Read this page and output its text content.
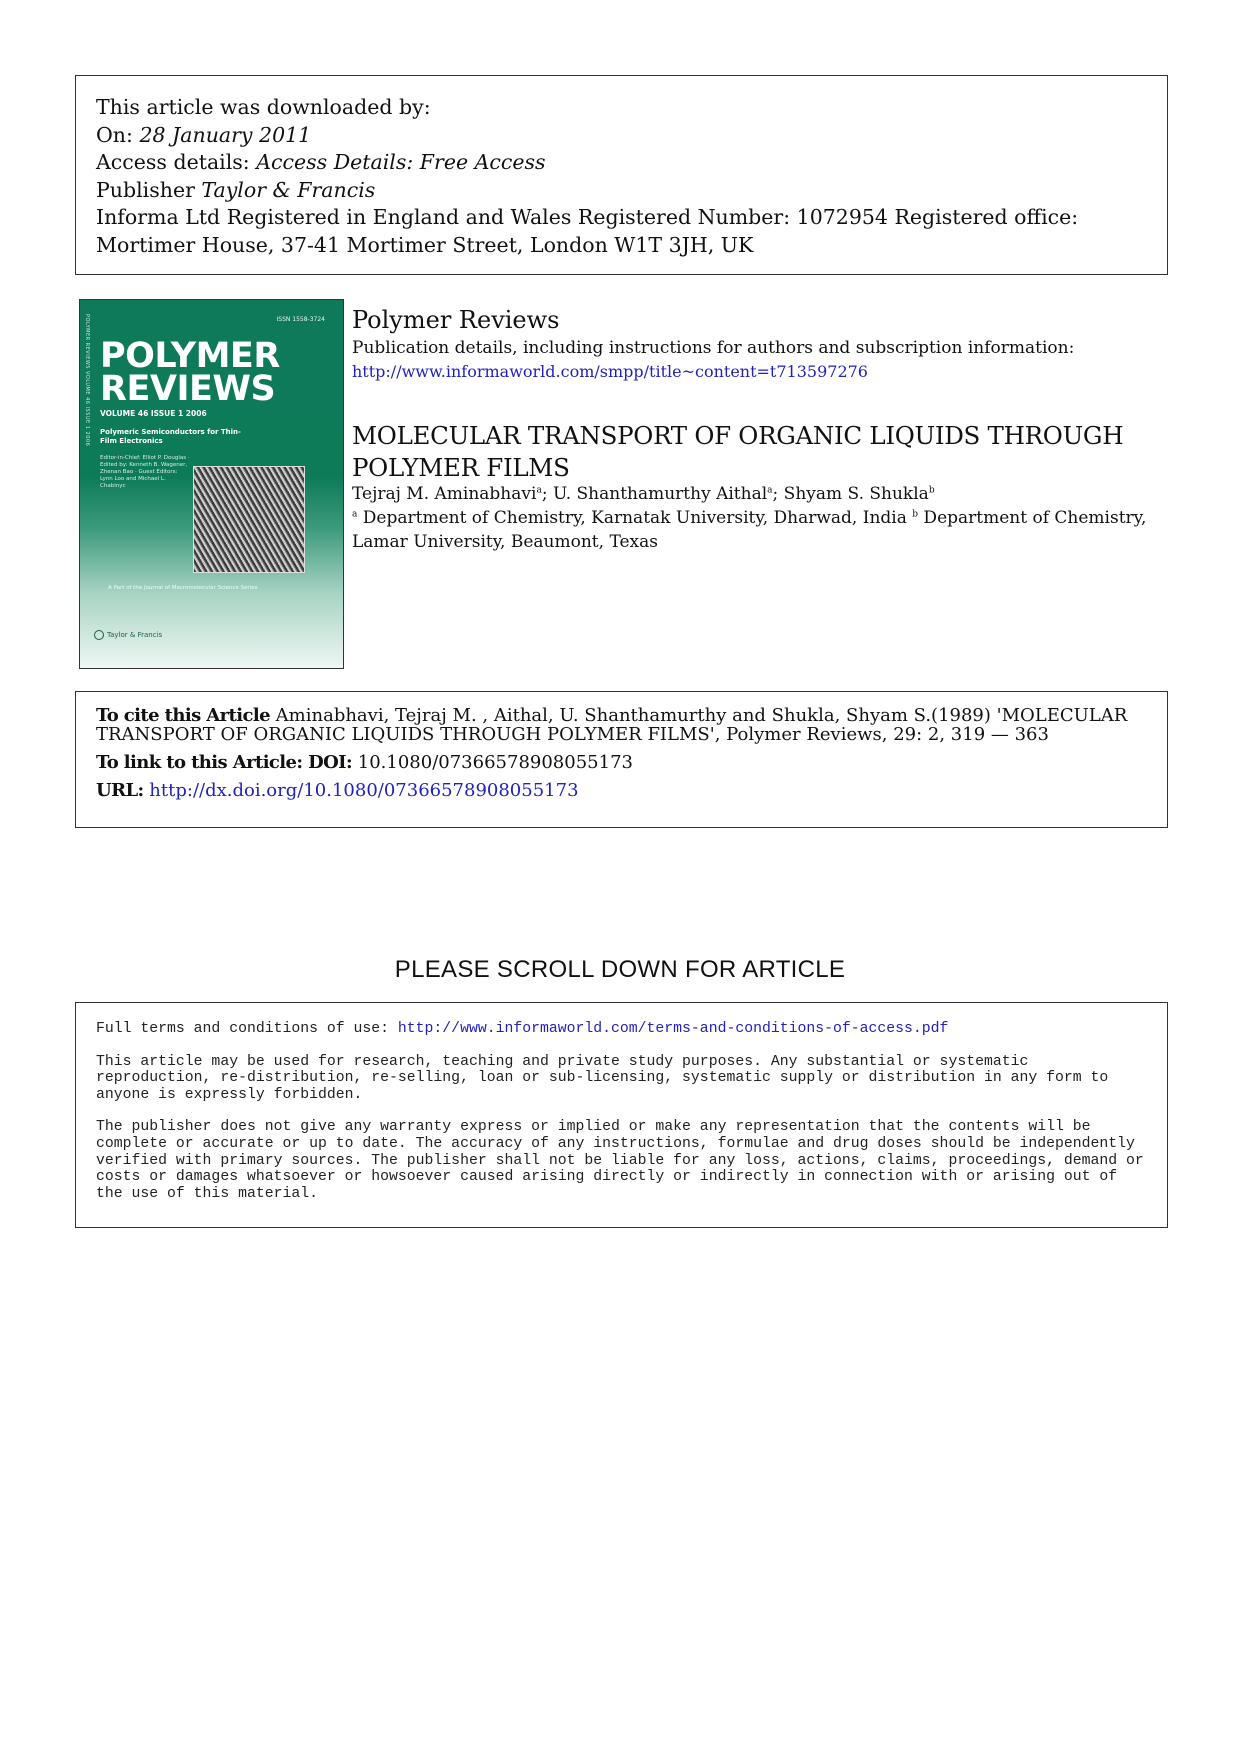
This article was downloaded by:
On: 28 January 2011
Access details: Access Details: Free Access
Publisher Taylor & Francis
Informa Ltd Registered in England and Wales Registered Number: 1072954 Registered office: Mortimer House, 37-41 Mortimer Street, London W1T 3JH, UK
ISSN 1558-3724
POLYMER REVIEWS VOLUME 46 ISSUE 1 2006 POLYMER
REVIEWS
VOLUME 46 ISSUE 1 2006
Polymeric Semiconductors for Thin-Film Electronics
Editor-in-Chief: Elliot P. Douglas · Edited by: Kenneth B. Wagener, Zhenan Bao · Guest Editors: Lynn Loo and Michael L. Chabinyc
A Part of the Journal of Macromolecular Science Series
Taylor & Francis
Polymer Reviews
Publication details, including instructions for authors and subscription information:
http://www.informaworld.com/smpp/title~content=t713597276
MOLECULAR TRANSPORT OF ORGANIC LIQUIDS THROUGH POLYMER FILMS
Tejraj M. Aminabhavi$^a$; U. Shanthamurthy Aithal$^a$; Shyam S. Shukla$^b$
$^a$ Department of Chemistry, Karnatak University, Dharwad, India $^b$ Department of Chemistry, Lamar University, Beaumont, Texas
To cite this Article Aminabhavi, Tejraj M. , Aithal, U. Shanthamurthy and Shukla, Shyam S.(1989) 'MOLECULAR TRANSPORT OF ORGANIC LIQUIDS THROUGH POLYMER FILMS', Polymer Reviews, 29: 2, 319 — 363
To link to this Article: DOI: 10.1080/07366578908055173
URL: http://dx.doi.org/10.1080/07366578908055173
PLEASE SCROLL DOWN FOR ARTICLE

Full terms and conditions of use: http://www.informaworld.com/terms-and-conditions-of-access.pdf

This article may be used for research, teaching and private study purposes. Any substantial or systematic reproduction, re-distribution, re-selling, loan or sub-licensing, systematic supply or distribution in any form to anyone is expressly forbidden.

The publisher does not give any warranty express or implied or make any representation that the contents will be complete or accurate or up to date. The accuracy of any instructions, formulae and drug doses should be independently verified with primary sources. The publisher shall not be liable for any loss, actions, claims, proceedings, demand or costs or damages whatsoever or howsoever caused arising directly or indirectly in connection with or arising out of the use of this material.
